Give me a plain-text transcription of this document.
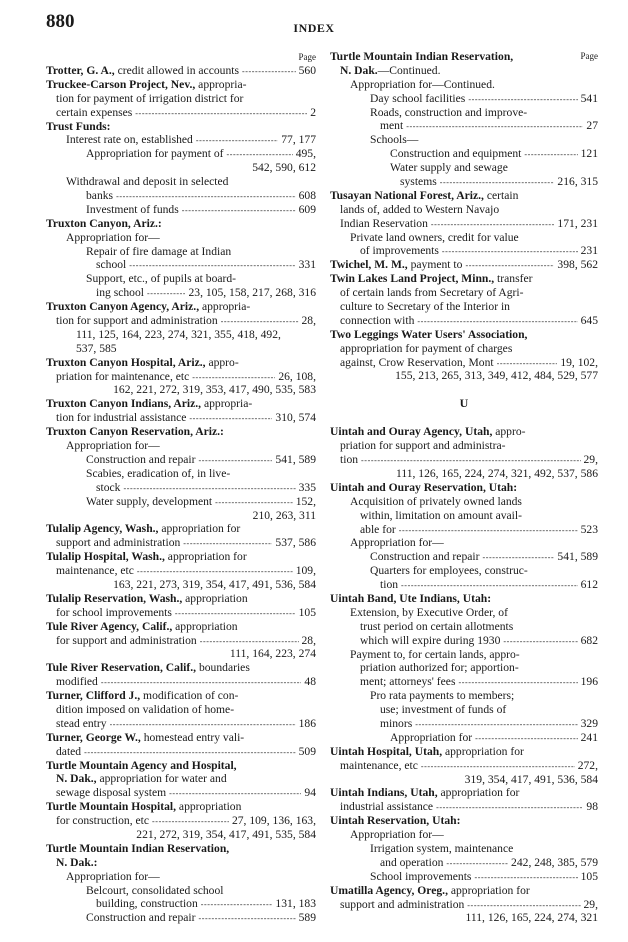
880	INDEX
Page
Trotter, G. A., credit allowed in accounts -----	560
Truckee-Carson Project, Nev., appropria-
tion for payment of irrigation district for
certain expenses -----	2
Trust Funds:
Interest rate on, established -----	77, 177
Appropriation for payment of -----	495,
542, 590, 612
Withdrawal and deposit in selected
banks -----	608
Investment of funds -----	609
Truxton Canyon, Ariz.:
Appropriation for—
Repair of fire damage at Indian
school -----	331
Support, etc., of pupils at board-
ing school -----	23, 105, 158, 217, 268, 316
Truxton Canyon Agency, Ariz., appropria-
tion for support and administration -----	28,
111, 125, 164, 223, 274, 321, 355, 418, 492,
537, 585
Truxton Canyon Hospital, Ariz., appro-
priation for maintenance, etc -----	26, 108,
162, 221, 272, 319, 353, 417, 490, 535, 583
Truxton Canyon Indians, Ariz., appropria-
tion for industrial assistance -----	310, 574
Truxton Canyon Reservation, Ariz.:
Appropriation for—
Construction and repair -----	541, 589
Scabies, eradication of, in live-
stock -----	335
Water supply, development -----	152,
210, 263, 311
Tulalip Agency, Wash., appropriation for
support and administration -----	537, 586
Tulalip Hospital, Wash., appropriation for
maintenance, etc -----	109,
163, 221, 273, 319, 354, 417, 491, 536, 584
Tulalip Reservation, Wash., appropriation
for school improvements -----	105
Tule River Agency, Calif., appropriation
for support and administration -----	28,
111, 164, 223, 274
Tule River Reservation, Calif., boundaries
modified -----	48
Turner, Clifford J., modification of con-
dition imposed on validation of home-
stead entry -----	186
Turner, George W., homestead entry vali-
dated -----	509
Turtle Mountain Agency and Hospital,
N. Dak., appropriation for water and
sewage disposal system -----	94
Turtle Mountain Hospital, appropriation
for construction, etc -----	27, 109, 136, 163,
221, 272, 319, 354, 417, 491, 535, 584
Turtle Mountain Indian Reservation,
N. Dak.:
Appropriation for—
Belcourt, consolidated school
building, construction -----	131, 183
Construction and repair -----	589
Turtle Mountain Indian Reservation,	Page
N. Dak.—Continued.
Appropriation for—Continued.
Day school facilities -----	541
Roads, construction and improve-
ment -----	27
Schools—
Construction and equipment -----	121
Water supply and sewage
systems -----	216, 315
Tusayan National Forest, Ariz., certain
lands of, added to Western Navajo
Indian Reservation -----	171, 231
Private land owners, credit for value
of improvements -----	231
Twichel, M. M., payment to -----	398, 562
Twin Lakes Land Project, Minn., transfer
of certain lands from Secretary of Agri-
culture to Secretary of the Interior in
connection with -----	645
Two Leggings Water Users' Association,
appropriation for payment of charges
against, Crow Reservation, Mont -----	19, 102,
155, 213, 265, 313, 349, 412, 484, 529, 577
U
Uintah and Ouray Agency, Utah, appro-
priation for support and administra-
tion -----	29,
111, 126, 165, 224, 274, 321, 492, 537, 586
Uintah and Ouray Reservation, Utah:
Acquisition of privately owned lands
within, limitation on amount avail-
able for -----	523
Appropriation for—
Construction and repair -----	541, 589
Quarters for employees, construc-
tion -----	612
Uintah Band, Ute Indians, Utah:
Extension, by Executive Order, of
trust period on certain allotments
which will expire during 1930 -----	682
Payment to, for certain lands, appro-
priation authorized for; apportion-
ment; attorneys' fees -----	196
Pro rata payments to members;
use; investment of funds of
minors -----	329
Appropriation for -----	241
Uintah Hospital, Utah, appropriation for
maintenance, etc -----	272,
319, 354, 417, 491, 536, 584
Uintah Indians, Utah, appropriation for
industrial assistance -----	98
Uintah Reservation, Utah:
Appropriation for—
Irrigation system, maintenance
and operation -----	242, 248, 385, 579
School improvements -----	105
Umatilla Agency, Oreg., appropriation for
support and administration -----	29,
111, 126, 165, 224, 274, 321
